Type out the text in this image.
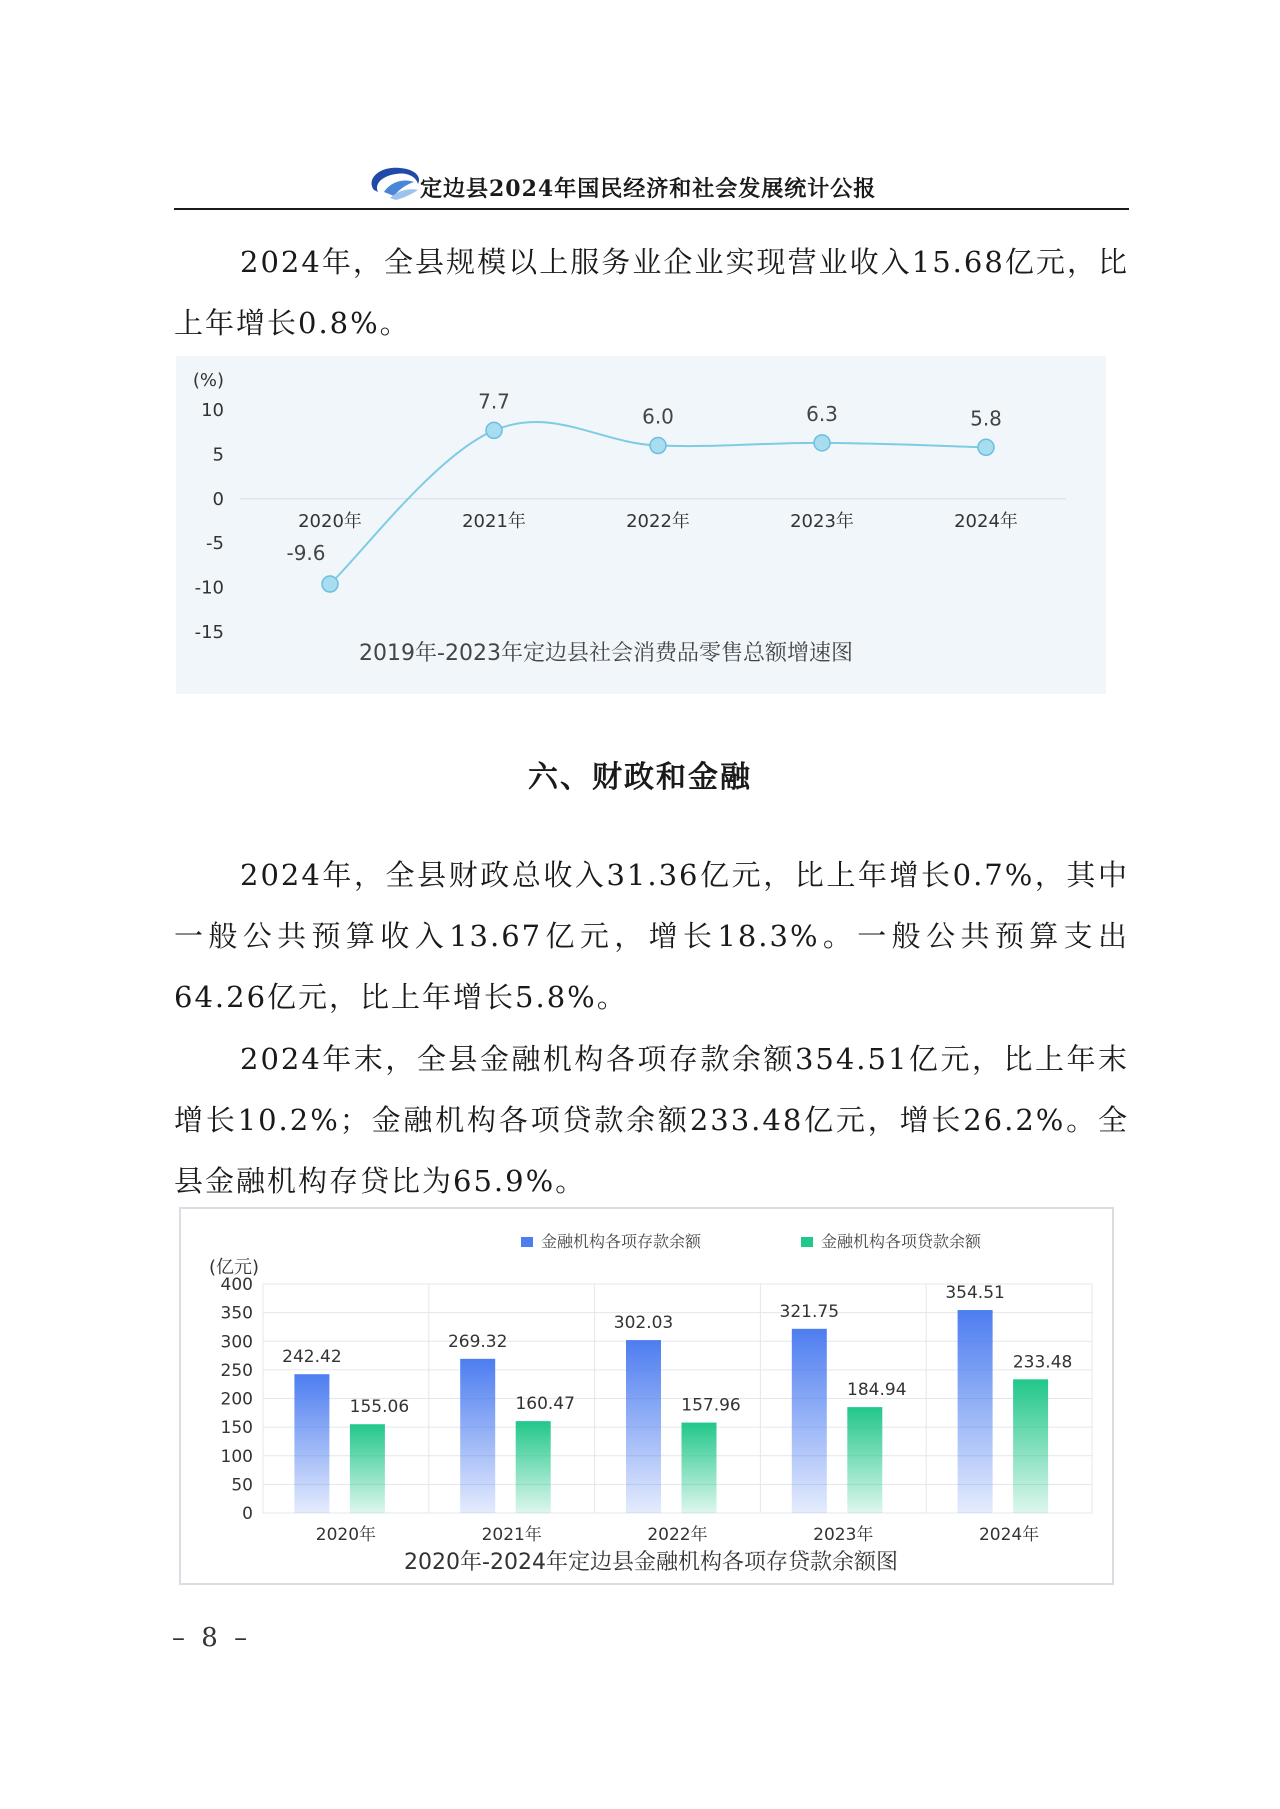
定边县2024年国民经济和社会发展统计公报

2024年，全县规模以上服务业企业实现营业收入15.68亿元，比上年增长0.8%。

10
5
0
-5
-10
-15
(%)
2020年	2021年	2022年	2023年	2024年
-9.6
7.7
6.0	6.3	5.8
2019年-2023年定边县社会消费品零售总额增速图
六、财政和金融

2024年，全县财政总收入31.36亿元，比上年增长0.7%，其中一般公共预算收入13.67亿元，增长18.3%。一般公共预算支出64.26亿元，比上年增长5.8%。

2024年末，全县金融机构各项存款余额354.51亿元，比上年末增长10.2%；金融机构各项贷款余额233.48亿元，增长26.2%。全县金融机构存贷比为65.9%。

400
350
300
250
200
150
100
50
0
(亿元)
金融机构各项存款余额	金融机构各项贷款余额
242.42
155.06
2020年
269.32
160.47
2021年
302.03
157.96
2022年
321.75
184.94
2023年
354.51
233.48
2024年
2020年-2024年定边县金融机构各项存贷款余额图
– 8 –
